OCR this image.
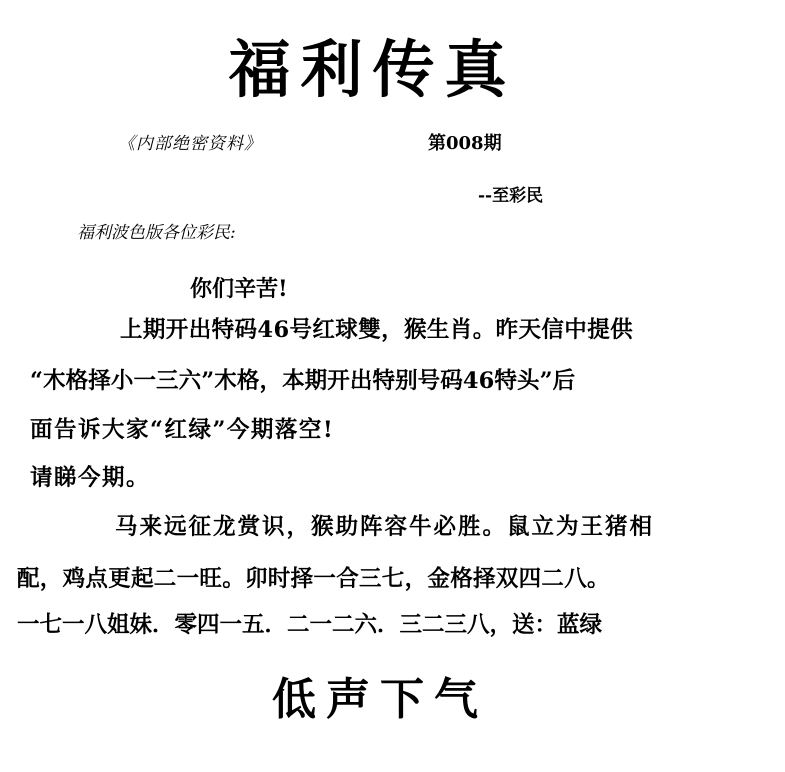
福利传真
《内部绝密资料》	第008期
--至彩民
福利波色版各位彩民:
你们辛苦!
上期开出特码46号红球雙，猴生肖。昨天信中提供
“木格择小一三六”木格，本期开出特别号码46特头”后
面告诉大家“红绿”今期落空!
请睇今期。
马来远征龙赏识，猴助阵容牛必胜。鼠立为王猪相
配，鸡点更起二一旺。卯时择一合三七，金格择双四二八。
一七一八姐妹．零四一五．二一二六．三二三八，送：蓝绿
低声下气
